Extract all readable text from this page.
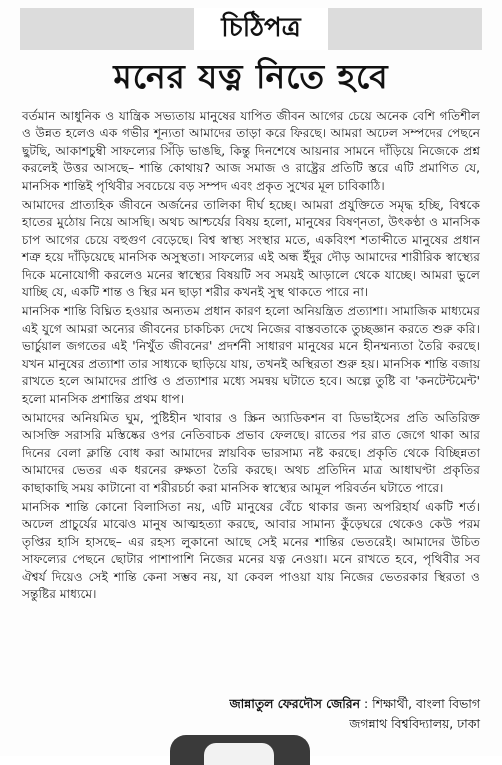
চিঠিপত্র
মনের যত্ন নিতে হবে

বর্তমান আধুনিক ও যান্ত্রিক সভ্যতায় মানুষের যাপিত জীবন আগের চেয়ে অনেক বেশি গতিশীল ও উন্নত হলেও এক গভীর শূন্যতা আমাদের তাড়া করে ফিরছে। আমরা অঢেল সম্পদের পেছনে ছুটছি, আকাশচুম্বী সাফল্যের সিঁড়ি ভাঙছি, কিন্তু দিনশেষে আয়নার সামনে দাঁড়িয়ে নিজেকে প্রশ্ন করলেই উত্তর আসছে– শান্তি কোথায়? আজ সমাজ ও রাষ্ট্রের প্রতিটি স্তরে এটি প্রমাণিত যে, মানসিক শান্তিই পৃথিবীর সবচেয়ে বড় সম্পদ এবং প্রকৃত সুখের মূল চাবিকাঠি।

আমাদের প্রাত্যহিক জীবনে অর্জনের তালিকা দীর্ঘ হচ্ছে। আমরা প্রযুক্তিতে সমৃদ্ধ হচ্ছি, বিশ্বকে হাতের মুঠোয় নিয়ে আসছি। অথচ আশ্চর্যের বিষয় হলো, মানুষের বিষণ্নতা, উৎকণ্ঠা ও মানসিক চাপ আগের চেয়ে বহুগুণ বেড়েছে। বিশ্ব স্বাস্থ্য সংস্থার মতে, একবিংশ শতাব্দীতে মানুষের প্রধান শত্রু হয়ে দাঁড়িয়েছে মানসিক অসুস্থতা। সাফল্যের এই অন্ধ ইঁদুর দৌড় আমাদের শারীরিক স্বাস্থ্যের দিকে মনোযোগী করলেও মনের স্বাস্থ্যের বিষয়টি সব সময়ই আড়ালে থেকে যাচ্ছে। আমরা ভুলে যাচ্ছি যে, একটি শান্ত ও স্থির মন ছাড়া শরীর কখনই সুস্থ থাকতে পারে না।

মানসিক শান্তি বিঘ্নিত হওয়ার অন্যতম প্রধান কারণ হলো অনিয়ন্ত্রিত প্রত্যাশা। সামাজিক মাধ্যমের এই যুগে আমরা অন্যের জীবনের চাকচিক্য দেখে নিজের বাস্তবতাকে তুচ্ছজ্ঞান করতে শুরু করি। ভার্চুয়াল জগতের এই 'নিখুঁত জীবনের' প্রদর্শনী সাধারণ মানুষের মনে হীনম্মন্যতা তৈরি করছে। যখন মানুষের প্রত্যাশা তার সাধ্যকে ছাড়িয়ে যায়, তখনই অস্থিরতা শুরু হয়। মানসিক শান্তি বজায় রাখতে হলে আমাদের প্রাপ্তি ও প্রত্যাশার মধ্যে সমন্বয় ঘটাতে হবে। অল্পে তুষ্টি বা 'কনটেন্টমেন্ট' হলো মানসিক প্রশান্তির প্রথম ধাপ।

আমাদের অনিয়মিত ঘুম, পুষ্টিহীন খাবার ও স্ক্রিন অ্যাডিকশন বা ডিভাইসের প্রতি অতিরিক্ত আসক্তি সরাসরি মস্তিষ্কের ওপর নেতিবাচক প্রভাব ফেলছে। রাতের পর রাত জেগে থাকা আর দিনের বেলা ক্লান্তি বোধ করা আমাদের স্নায়বিক ভারসাম্য নষ্ট করছে। প্রকৃতি থেকে বিচ্ছিন্নতা আমাদের ভেতর এক ধরনের রুক্ষতা তৈরি করছে। অথচ প্রতিদিন মাত্র আধাঘণ্টা প্রকৃতির কাছাকাছি সময় কাটানো বা শরীরচর্চা করা মানসিক স্বাস্থ্যের আমূল পরিবর্তন ঘটাতে পারে।

মানসিক শান্তি কোনো বিলাসিতা নয়, এটি মানুষের বেঁচে থাকার জন্য অপরিহার্য একটি শর্ত। অঢেল প্রাচুর্যের মাঝেও মানুষ আত্মহত্যা করছে, আবার সামান্য কুঁড়েঘরে থেকেও কেউ পরম তৃপ্তির হাসি হাসছে– এর রহস্য লুকানো আছে সেই মনের শান্তির ভেতরেই। আমাদের উচিত সাফল্যের পেছনে ছোটার পাশাপাশি নিজের মনের যত্ন নেওয়া। মনে রাখতে হবে, পৃথিবীর সব ঐশ্বর্য দিয়েও সেই শান্তি কেনা সম্ভব নয়, যা কেবল পাওয়া যায় নিজের ভেতরকার স্থিরতা ও সন্তুষ্টির মাধ্যমে।

জান্নাতুল ফেরদৌস জেরিন : শিক্ষার্থী, বাংলা বিভাগ
জগন্নাথ বিশ্ববিদ্যালয়, ঢাকা
